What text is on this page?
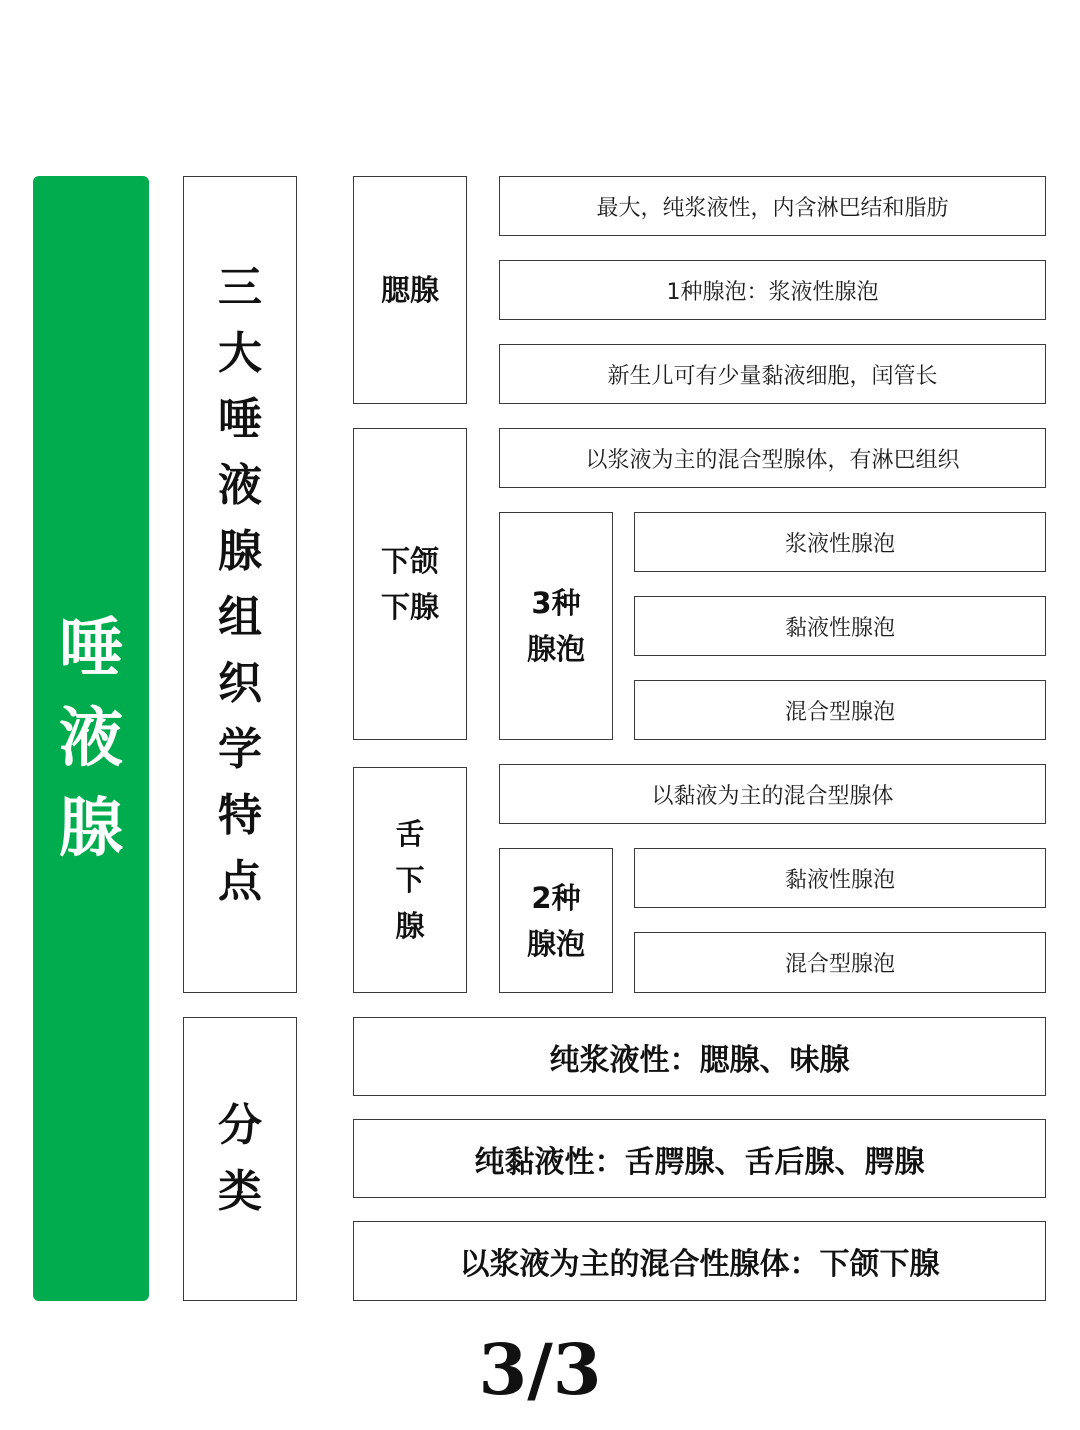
唾液腺
三大唾液腺组织学特点
分类
腮腺
最大，纯浆液性，内含淋巴结和脂肪
1种腺泡：浆液性腺泡
新生儿可有少量黏液细胞，闰管长
下颌下腺
以浆液为主的混合型腺体，有淋巴组织
3种腺泡
浆液性腺泡
黏液性腺泡
混合型腺泡
舌下腺
以黏液为主的混合型腺体
2种腺泡
黏液性腺泡
混合型腺泡
纯浆液性：腮腺、味腺
纯黏液性：舌腭腺、舌后腺、腭腺
以浆液为主的混合性腺体：下颌下腺
3/3
